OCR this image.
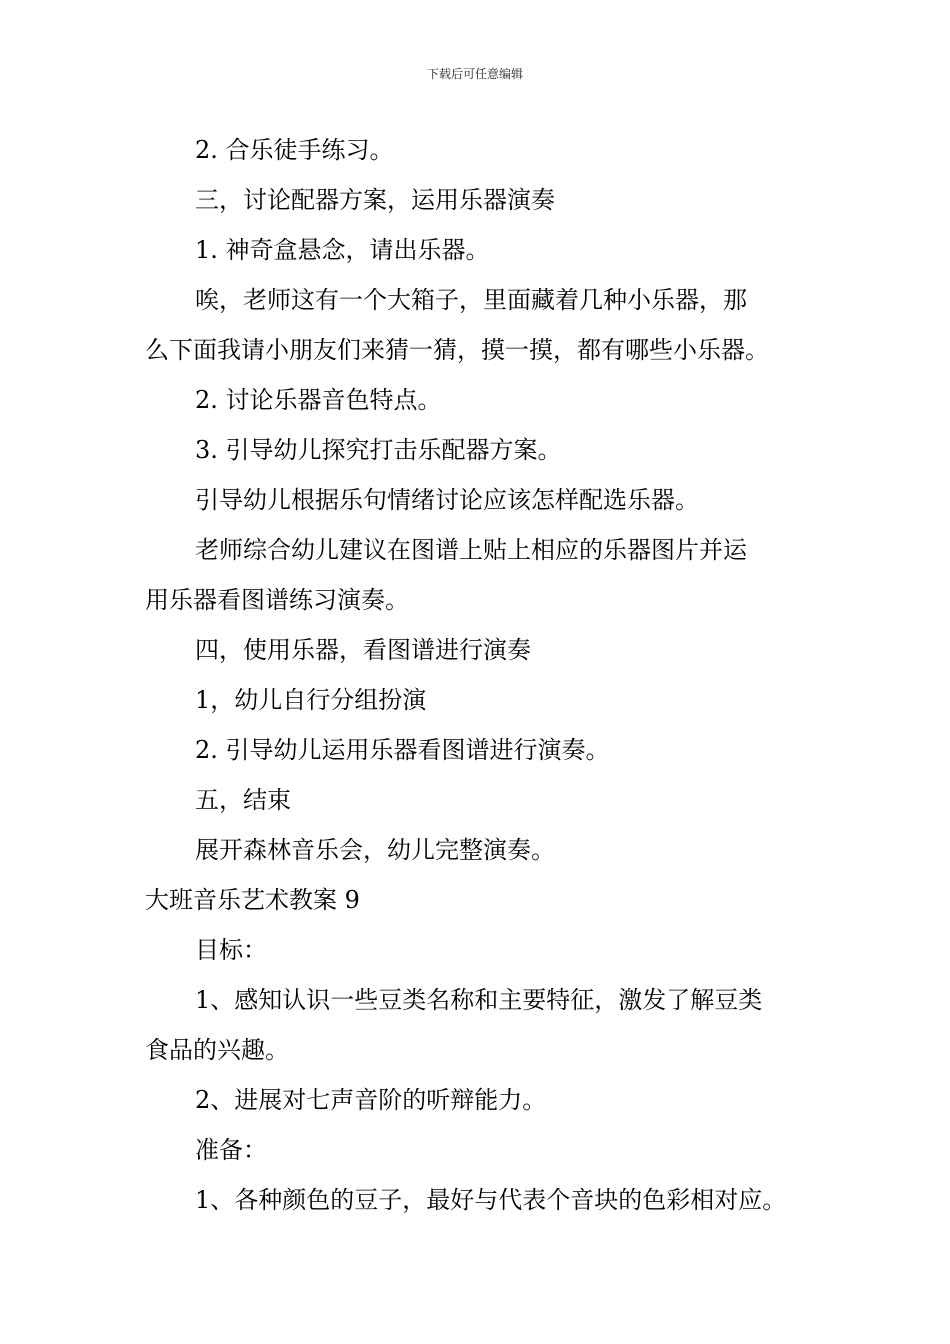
下载后可任意编辑
2. 合乐徒手练习。
三，讨论配器方案，运用乐器演奏
1. 神奇盒悬念，请出乐器。
唉，老师这有一个大箱子，里面藏着几种小乐器，那
么下面我请小朋友们来猜一猜，摸一摸，都有哪些小乐器。
2. 讨论乐器音色特点。
3. 引导幼儿探究打击乐配器方案。
引导幼儿根据乐句情绪讨论应该怎样配选乐器。
老师综合幼儿建议在图谱上贴上相应的乐器图片并运
用乐器看图谱练习演奏。
四，使用乐器，看图谱进行演奏
1，幼儿自行分组扮演
2. 引导幼儿运用乐器看图谱进行演奏。
五，结束
展开森林音乐会，幼儿完整演奏。
大班音乐艺术教案 9
目标：
1、感知认识一些豆类名称和主要特征，激发了解豆类
食品的兴趣。
2、进展对七声音阶的听辩能力。
准备：
1、各种颜色的豆子，最好与代表个音块的色彩相对应。
